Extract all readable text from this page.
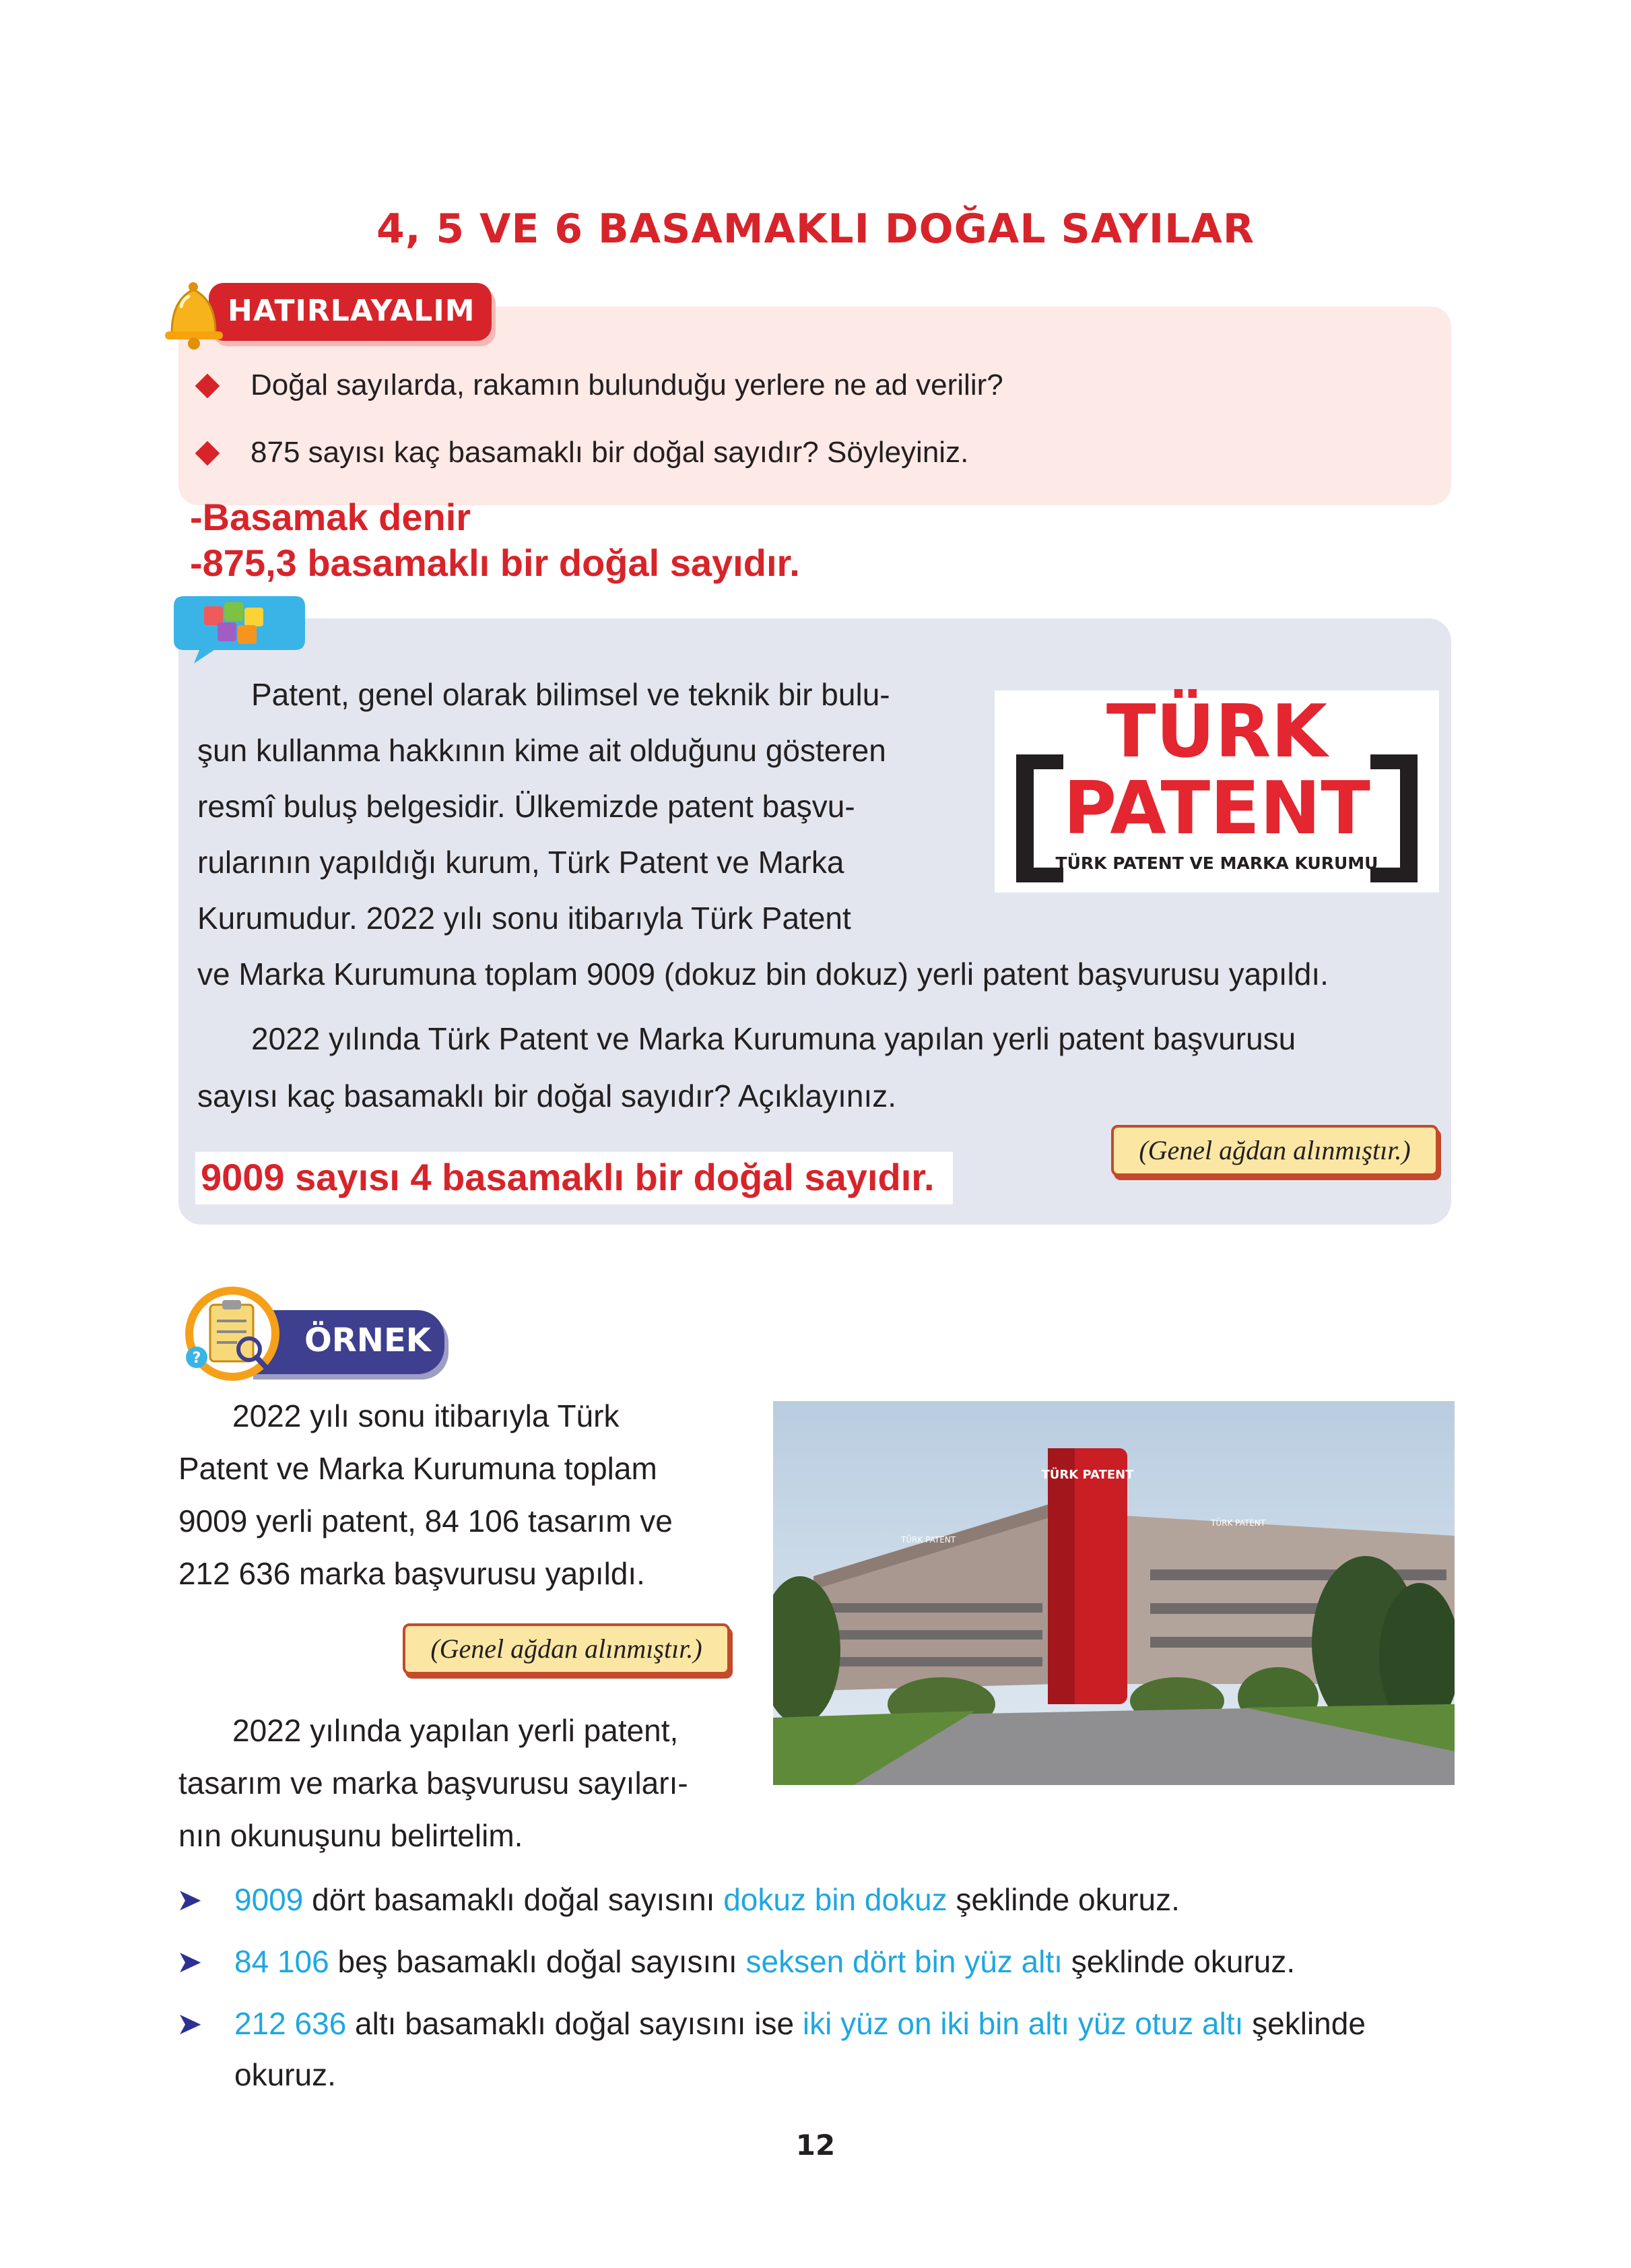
4, 5 VE 6 BASAMAKLI DOĞAL SAYILAR
HATIRLAYALIM
Doğal sayılarda, rakamın bulunduğu yerlere ne ad verilir?
875 sayısı kaç basamaklı bir doğal sayıdır? Söyleyiniz.
-Basamak denir
-875,3 basamaklı bir doğal sayıdır.
Patent, genel olarak bilimsel ve teknik bir bulu-
şun kullanma hakkının kime ait olduğunu gösteren
resmî buluş belgesidir. Ülkemizde patent başvu-
rularının yapıldığı kurum, Türk Patent ve Marka
Kurumudur. 2022 yılı sonu itibarıyla Türk Patent
ve Marka Kurumuna toplam 9009 (dokuz bin dokuz) yerli patent başvurusu yapıldı.
TÜRK
PATENT
TÜRK PATENT VE MARKA KURUMU
2022 yılında Türk Patent ve Marka Kurumuna yapılan yerli patent başvurusu
sayısı kaç basamaklı bir doğal sayıdır? Açıklayınız.
(Genel ağdan alınmıştır.)
9009 sayısı 4 basamaklı bir doğal sayıdır.
ÖRNEK
?
2022 yılı sonu itibarıyla Türk
Patent ve Marka Kurumuna toplam
9009 yerli patent, 84 106 tasarım ve
212 636 marka başvurusu yapıldı.
(Genel ağdan alınmıştır.)
2022 yılında yapılan yerli patent,
tasarım ve marka başvurusu sayıları-
nın okunuşunu belirtelim.
TÜRK PATENT
TÜRK PATENT
TÜRK PATENT
➤ 9009 dört basamaklı doğal sayısını dokuz bin dokuz şeklinde okuruz.
➤ 84 106 beş basamaklı doğal sayısını seksen dört bin yüz altı şeklinde okuruz.
➤ 212 636 altı basamaklı doğal sayısını ise iki yüz on iki bin altı yüz otuz altı şeklinde
okuruz.
12
